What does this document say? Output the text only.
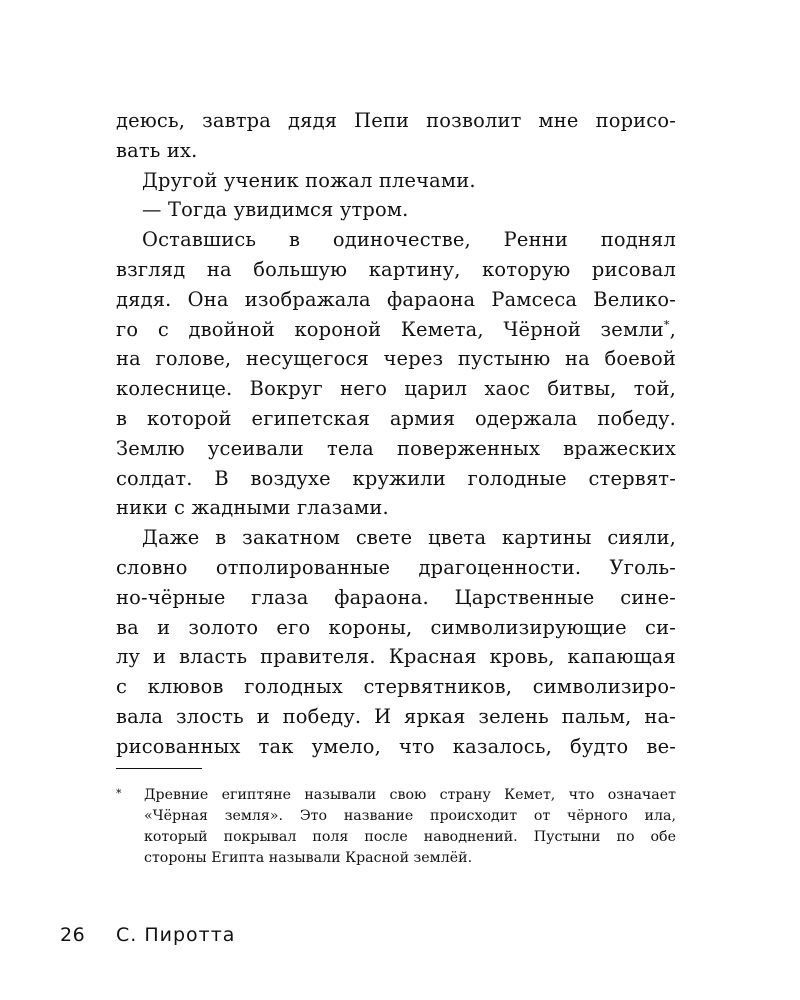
деюсь, завтра дядя Пепи позволит мне порисо-

вать их.

Другой ученик пожал плечами.

— Тогда увидимся утром.

Оставшись в одиночестве, Ренни поднял

взгляд на большую картину, которую рисовал

дядя. Она изображала фараона Рамсеса Велико-

го с двойной короной Кемета, Чёрной земли*,

на голове, несущегося через пустыню на боевой

колеснице. Вокруг него царил хаос битвы, той,

в которой египетская армия одержала победу.

Землю усеивали тела поверженных вражеских

солдат. В воздухе кружили голодные стервят-

ники с жадными глазами.

Даже в закатном свете цвета картины сияли,

словно отполированные драгоценности. Уголь-

но-чёрные глаза фараона. Царственные сине-

ва и золото его короны, символизирующие си-

лу и власть правителя. Красная кровь, капающая

с клювов голодных стервятников, символизиро-

вала злость и победу. И яркая зелень пальм, на-

рисованных так умело, что казалось, будто ве-

* Древние египтяне называли свою страну Кемет, что означает
«Чёрная земля». Это название происходит от чёрного ила,
который покрывал поля после наводнений. Пустыни по обе
стороны Египта называли Красной землёй.
26 С. Пиротта
